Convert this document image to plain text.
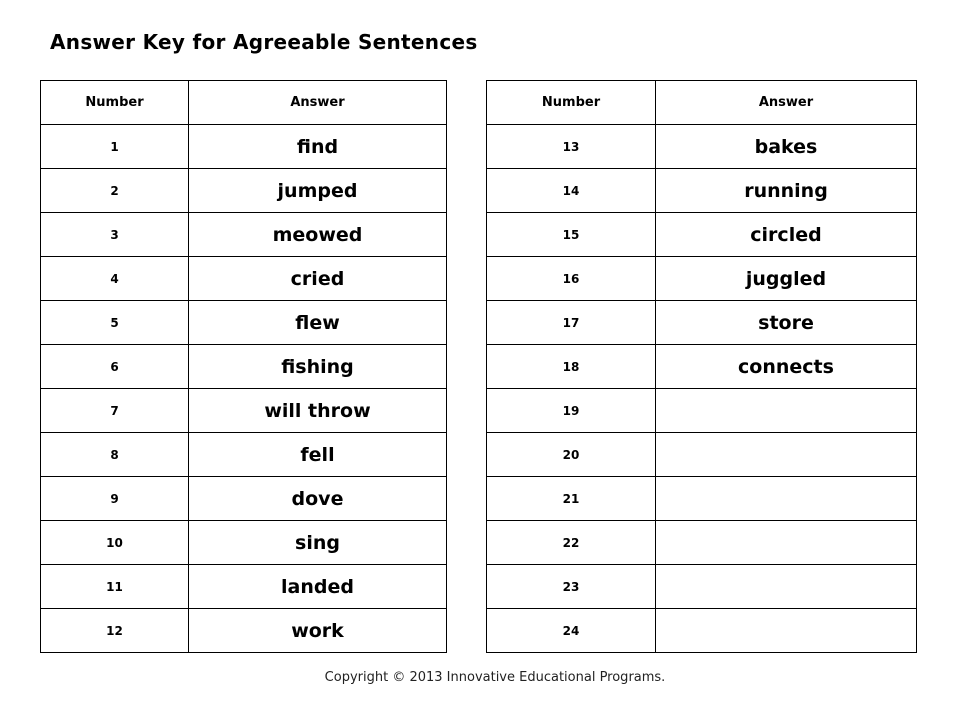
Answer Key for Agreeable Sentences
Number	Answer
1	find
2	jumped
3	meowed
4	cried
5	flew
6	fishing
7	will throw
8	fell
9	dove
10	sing
11	landed
12	work
Number	Answer
13	bakes
14	running
15	circled
16	juggled
17	store
18	connects
19	
20	
21	
22	
23	
24	
Copyright © 2013 Innovative Educational Programs.
